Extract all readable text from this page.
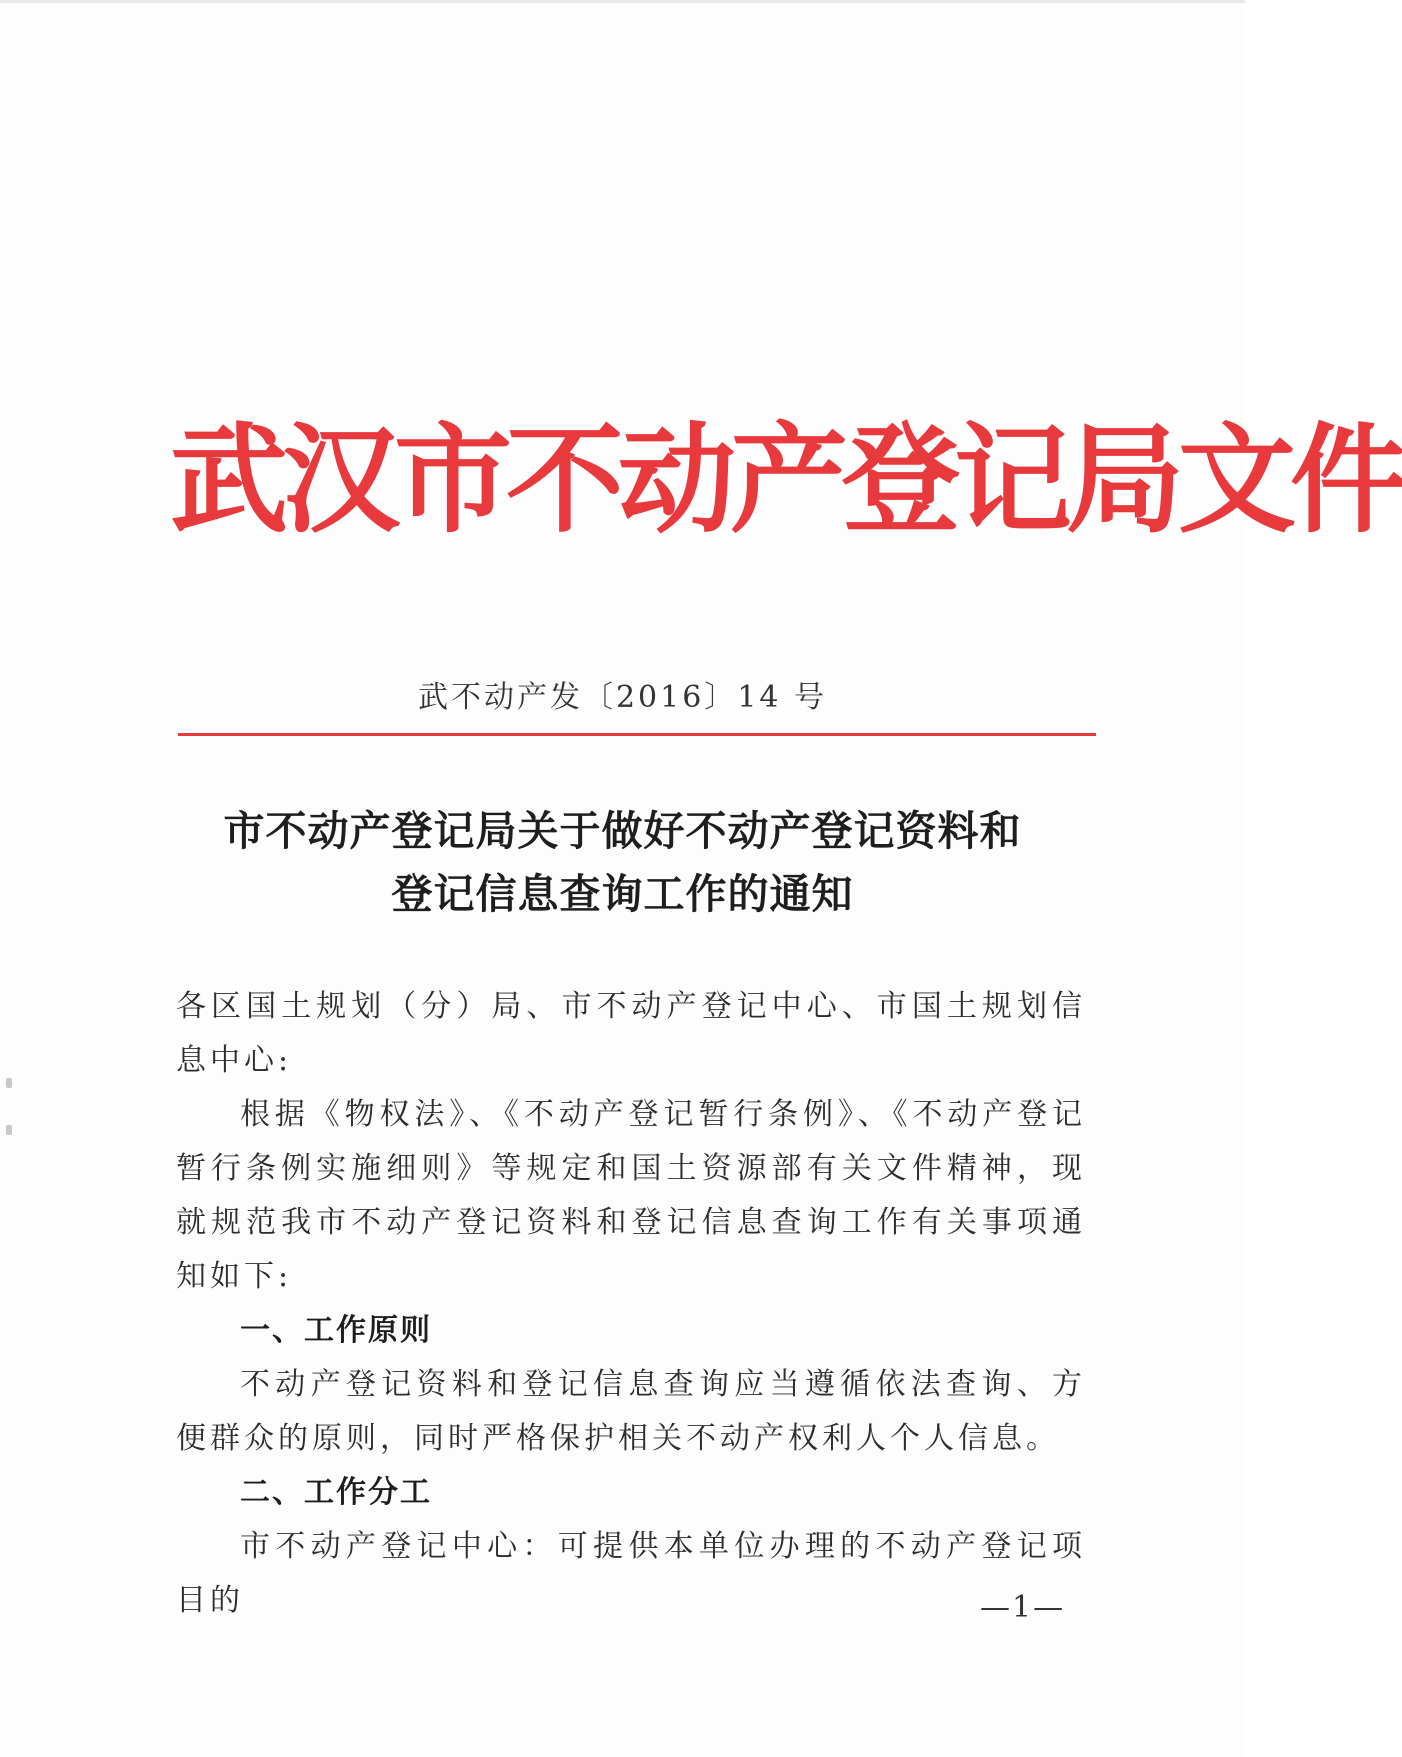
武汉市不动产登记局文件
武不动产发〔2016〕14 号
市不动产登记局关于做好不动产登记资料和
登记信息查询工作的通知

各区国土规划（分）局、市不动产登记中心、市国土规划信息中心:

根据《物权法》、《不动产登记暂行条例》、《不动产登记暂行条例实施细则》等规定和国土资源部有关文件精神，现就规范我市不动产登记资料和登记信息查询工作有关事项通知如下:

一、工作原则

不动产登记资料和登记信息查询应当遵循依法查询、方便群众的原则，同时严格保护相关不动产权利人个人信息。

二、工作分工

市不动产登记中心：可提供本单位办理的不动产登记项目的	—1—
